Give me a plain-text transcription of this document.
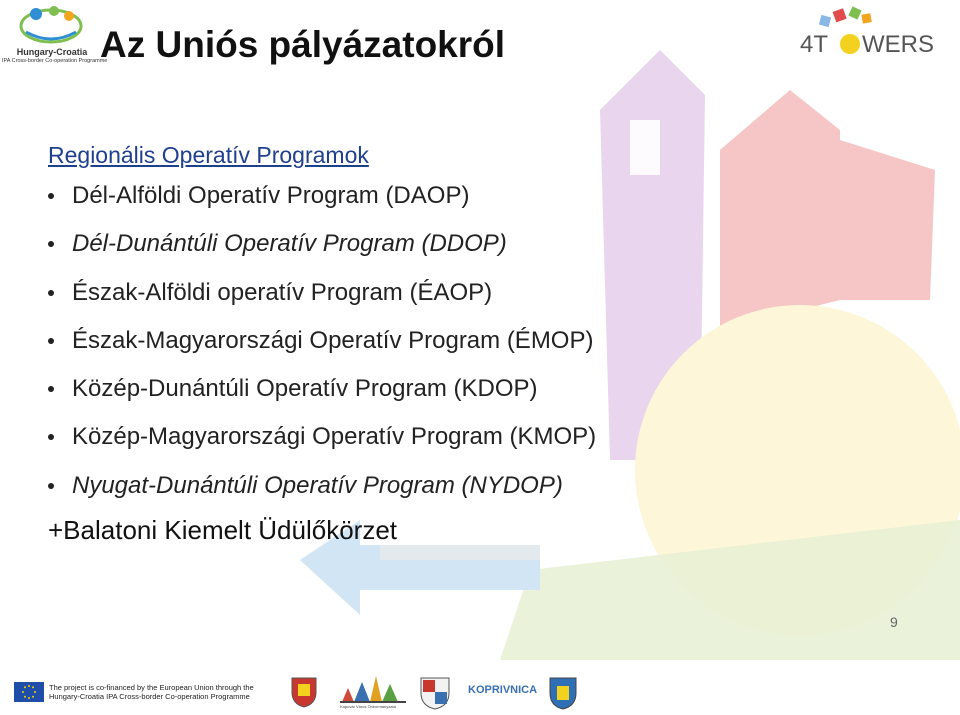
Hungary-Croatia
IPA Cross-border Co-operation Programme
Az Uniós pályázatokról	4T WERS
Regionális Operatív Programok
Dél-Alföldi Operatív Program (DAOP)
Dél-Dunántúli Operatív Program (DDOP)
Észak-Alföldi operatív Program (ÉAOP)
Észak-Magyarországi Operatív Program (ÉMOP)
Közép-Dunántúli Operatív Program (KDOP)
Közép-Magyarországi Operatív Program (KMOP)
Nyugat-Dunántúli Operatív Program (NYDOP)
+Balatoni Kiemelt Üdülőkörzet
9
The project is co-financed by the European Union through the
Hungary-Croatia IPA Cross-border Co-operation Programme
Kapuvár Város Önkormányzata
KOPRIVNICA
